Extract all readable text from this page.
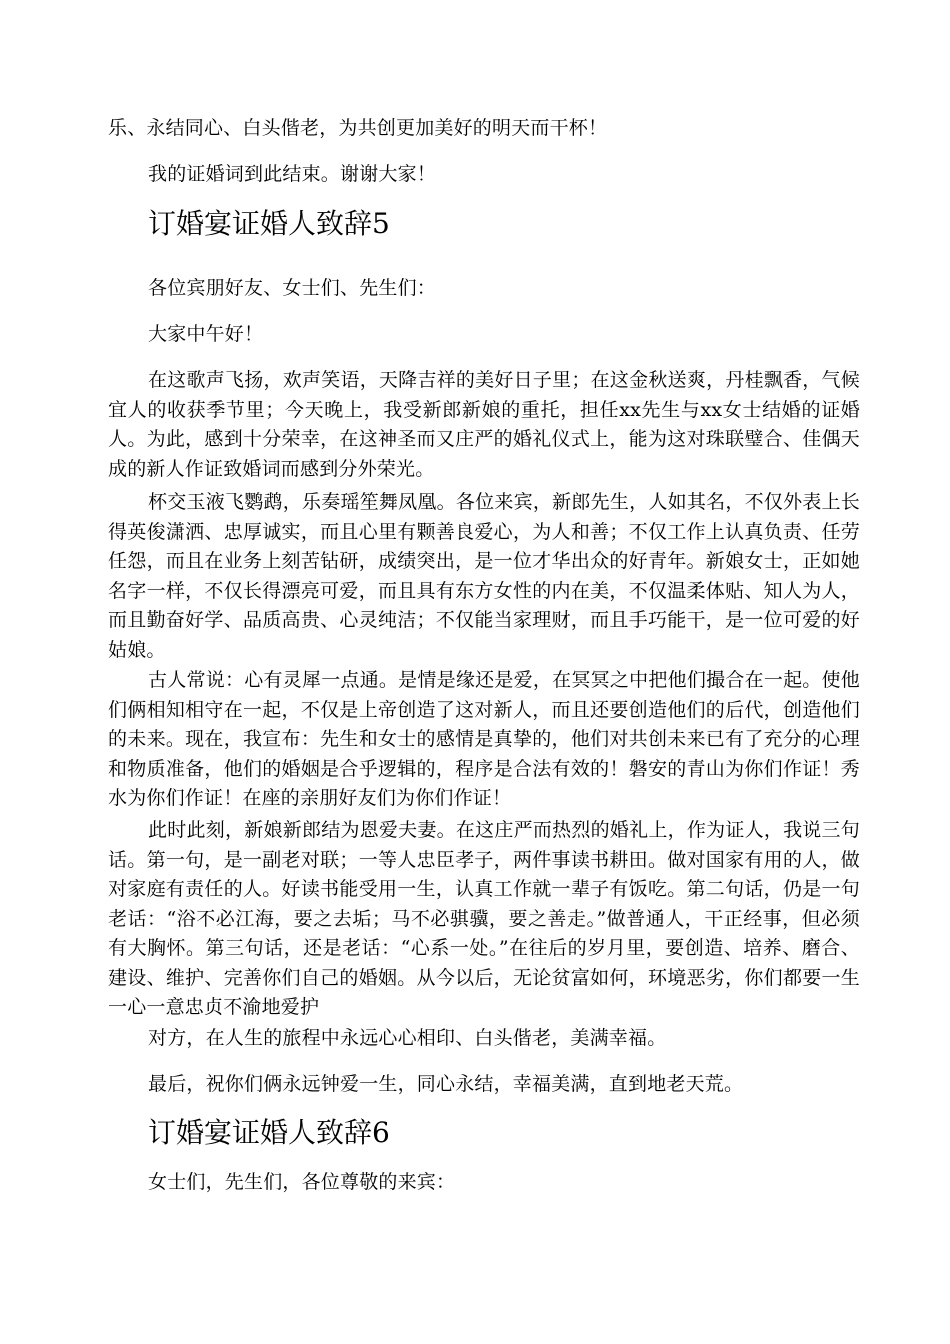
乐、永结同心、白头偕老，为共创更加美好的明天而干杯！

我的证婚词到此结束。谢谢大家！

订婚宴证婚人致辞5

各位宾朋好友、女士们、先生们：

大家中午好！

在这歌声飞扬，欢声笑语，天降吉祥的美好日子里；在这金秋送爽，丹桂飘香，气候宜人的收获季节里；今天晚上，我受新郎新娘的重托，担任xx先生与xx女士结婚的证婚人。为此，感到十分荣幸，在这神圣而又庄严的婚礼仪式上，能为这对珠联璧合、佳偶天成的新人作证致婚词而感到分外荣光。

杯交玉液飞鹦鹉，乐奏瑶笙舞凤凰。各位来宾，新郎先生，人如其名，不仅外表上长得英俊潇洒、忠厚诚实，而且心里有颗善良爱心，为人和善；不仅工作上认真负责、任劳任怨，而且在业务上刻苦钻研，成绩突出，是一位才华出众的好青年。新娘女士，正如她名字一样，不仅长得漂亮可爱，而且具有东方女性的内在美，不仅温柔体贴、知人为人，而且勤奋好学、品质高贵、心灵纯洁；不仅能当家理财，而且手巧能干，是一位可爱的好姑娘。

古人常说：心有灵犀一点通。是情是缘还是爱，在冥冥之中把他们撮合在一起。使他们俩相知相守在一起，不仅是上帝创造了这对新人，而且还要创造他们的后代，创造他们的未来。现在，我宣布：先生和女士的感情是真挚的，他们对共创未来已有了充分的心理和物质准备，他们的婚姻是合乎逻辑的，程序是合法有效的！磐安的青山为你们作证！秀水为你们作证！在座的亲朋好友们为你们作证！

此时此刻，新娘新郎结为恩爱夫妻。在这庄严而热烈的婚礼上，作为证人，我说三句话。第一句，是一副老对联；一等人忠臣孝子，两件事读书耕田。做对国家有用的人，做对家庭有责任的人。好读书能受用一生，认真工作就一辈子有饭吃。第二句话，仍是一句老话：“浴不必江海，要之去垢；马不必骐骥，要之善走。”做普通人，干正经事，但必须有大胸怀。第三句话，还是老话：“心系一处。”在往后的岁月里，要创造、培养、磨合、建设、维护、完善你们自己的婚姻。从今以后，无论贫富如何，环境恶劣，你们都要一生一心一意忠贞不渝地爱护

对方，在人生的旅程中永远心心相印、白头偕老，美满幸福。

最后，祝你们俩永远钟爱一生，同心永结，幸福美满，直到地老天荒。

订婚宴证婚人致辞6

女士们，先生们，各位尊敬的来宾：
